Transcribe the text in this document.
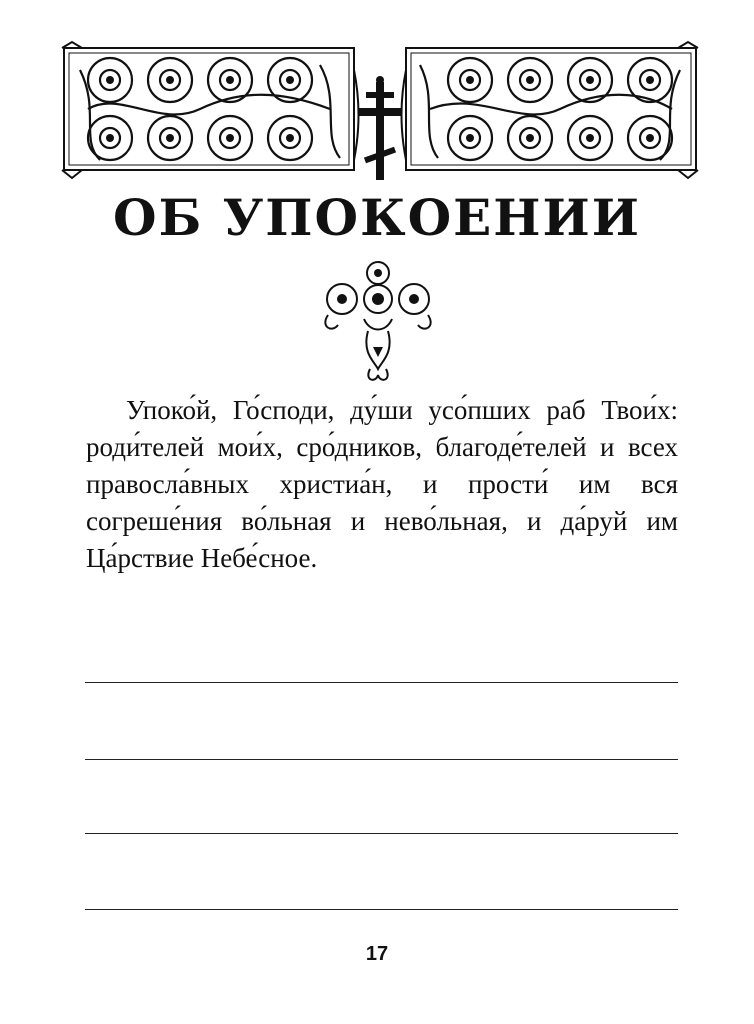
ОБ УПОКОЕНИИ

Упоко́й, Го́споди, ду́ши усо́пших раб Твои́х: роди́телей мои́х, сро́дников, благоде́телей и всех правосла́вных христиа́н, и прости́ им вся согреше́ния во́льная и нево́льная, и да́руй им Ца́рствие Небе́сное.

17
